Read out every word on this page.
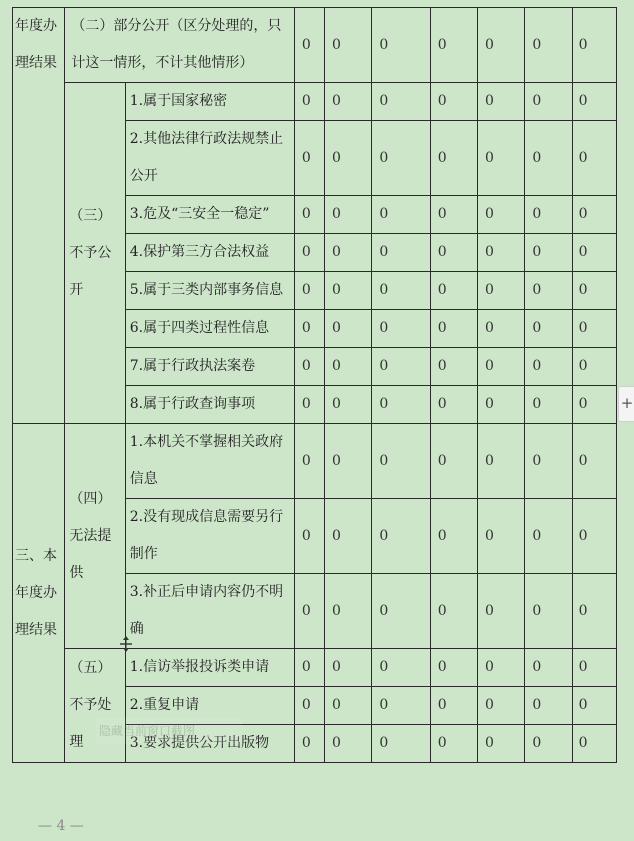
年度办理结果	（二）部分公开（区分处理的，只计这一情形，不计其他情形）		0	0	0	0	0	0	0
	（三）不予公开	1.属于国家秘密	0	0	0	0	0	0	0
		2.其他法律行政法规禁止公开	0	0	0	0	0	0	0
		3.危及“三安全一稳定”	0	0	0	0	0	0	0
		4.保护第三方合法权益	0	0	0	0	0	0	0
		5.属于三类内部事务信息	0	0	0	0	0	0	0
		6.属于四类过程性信息	0	0	0	0	0	0	0
		7.属于行政执法案卷	0	0	0	0	0	0	0
		8.属于行政查询事项	0	0	0	0	0	0	0
三、本年度办理结果	（四）无法提供	1.本机关不掌握相关政府信息	0	0	0	0	0	0	0
		2.没有现成信息需要另行制作	0	0	0	0	0	0	0
		3.补正后申请内容仍不明确	0	0	0	0	0	0	0
	（五）不予处理	1.信访举报投诉类申请	0	0	0	0	0	0	0
		2.重复申请	0	0	0	0	0	0	0
		3.要求提供公开出版物	0	0	0	0	0	0	0
— 4 —
隐藏当前窗口截图
+
